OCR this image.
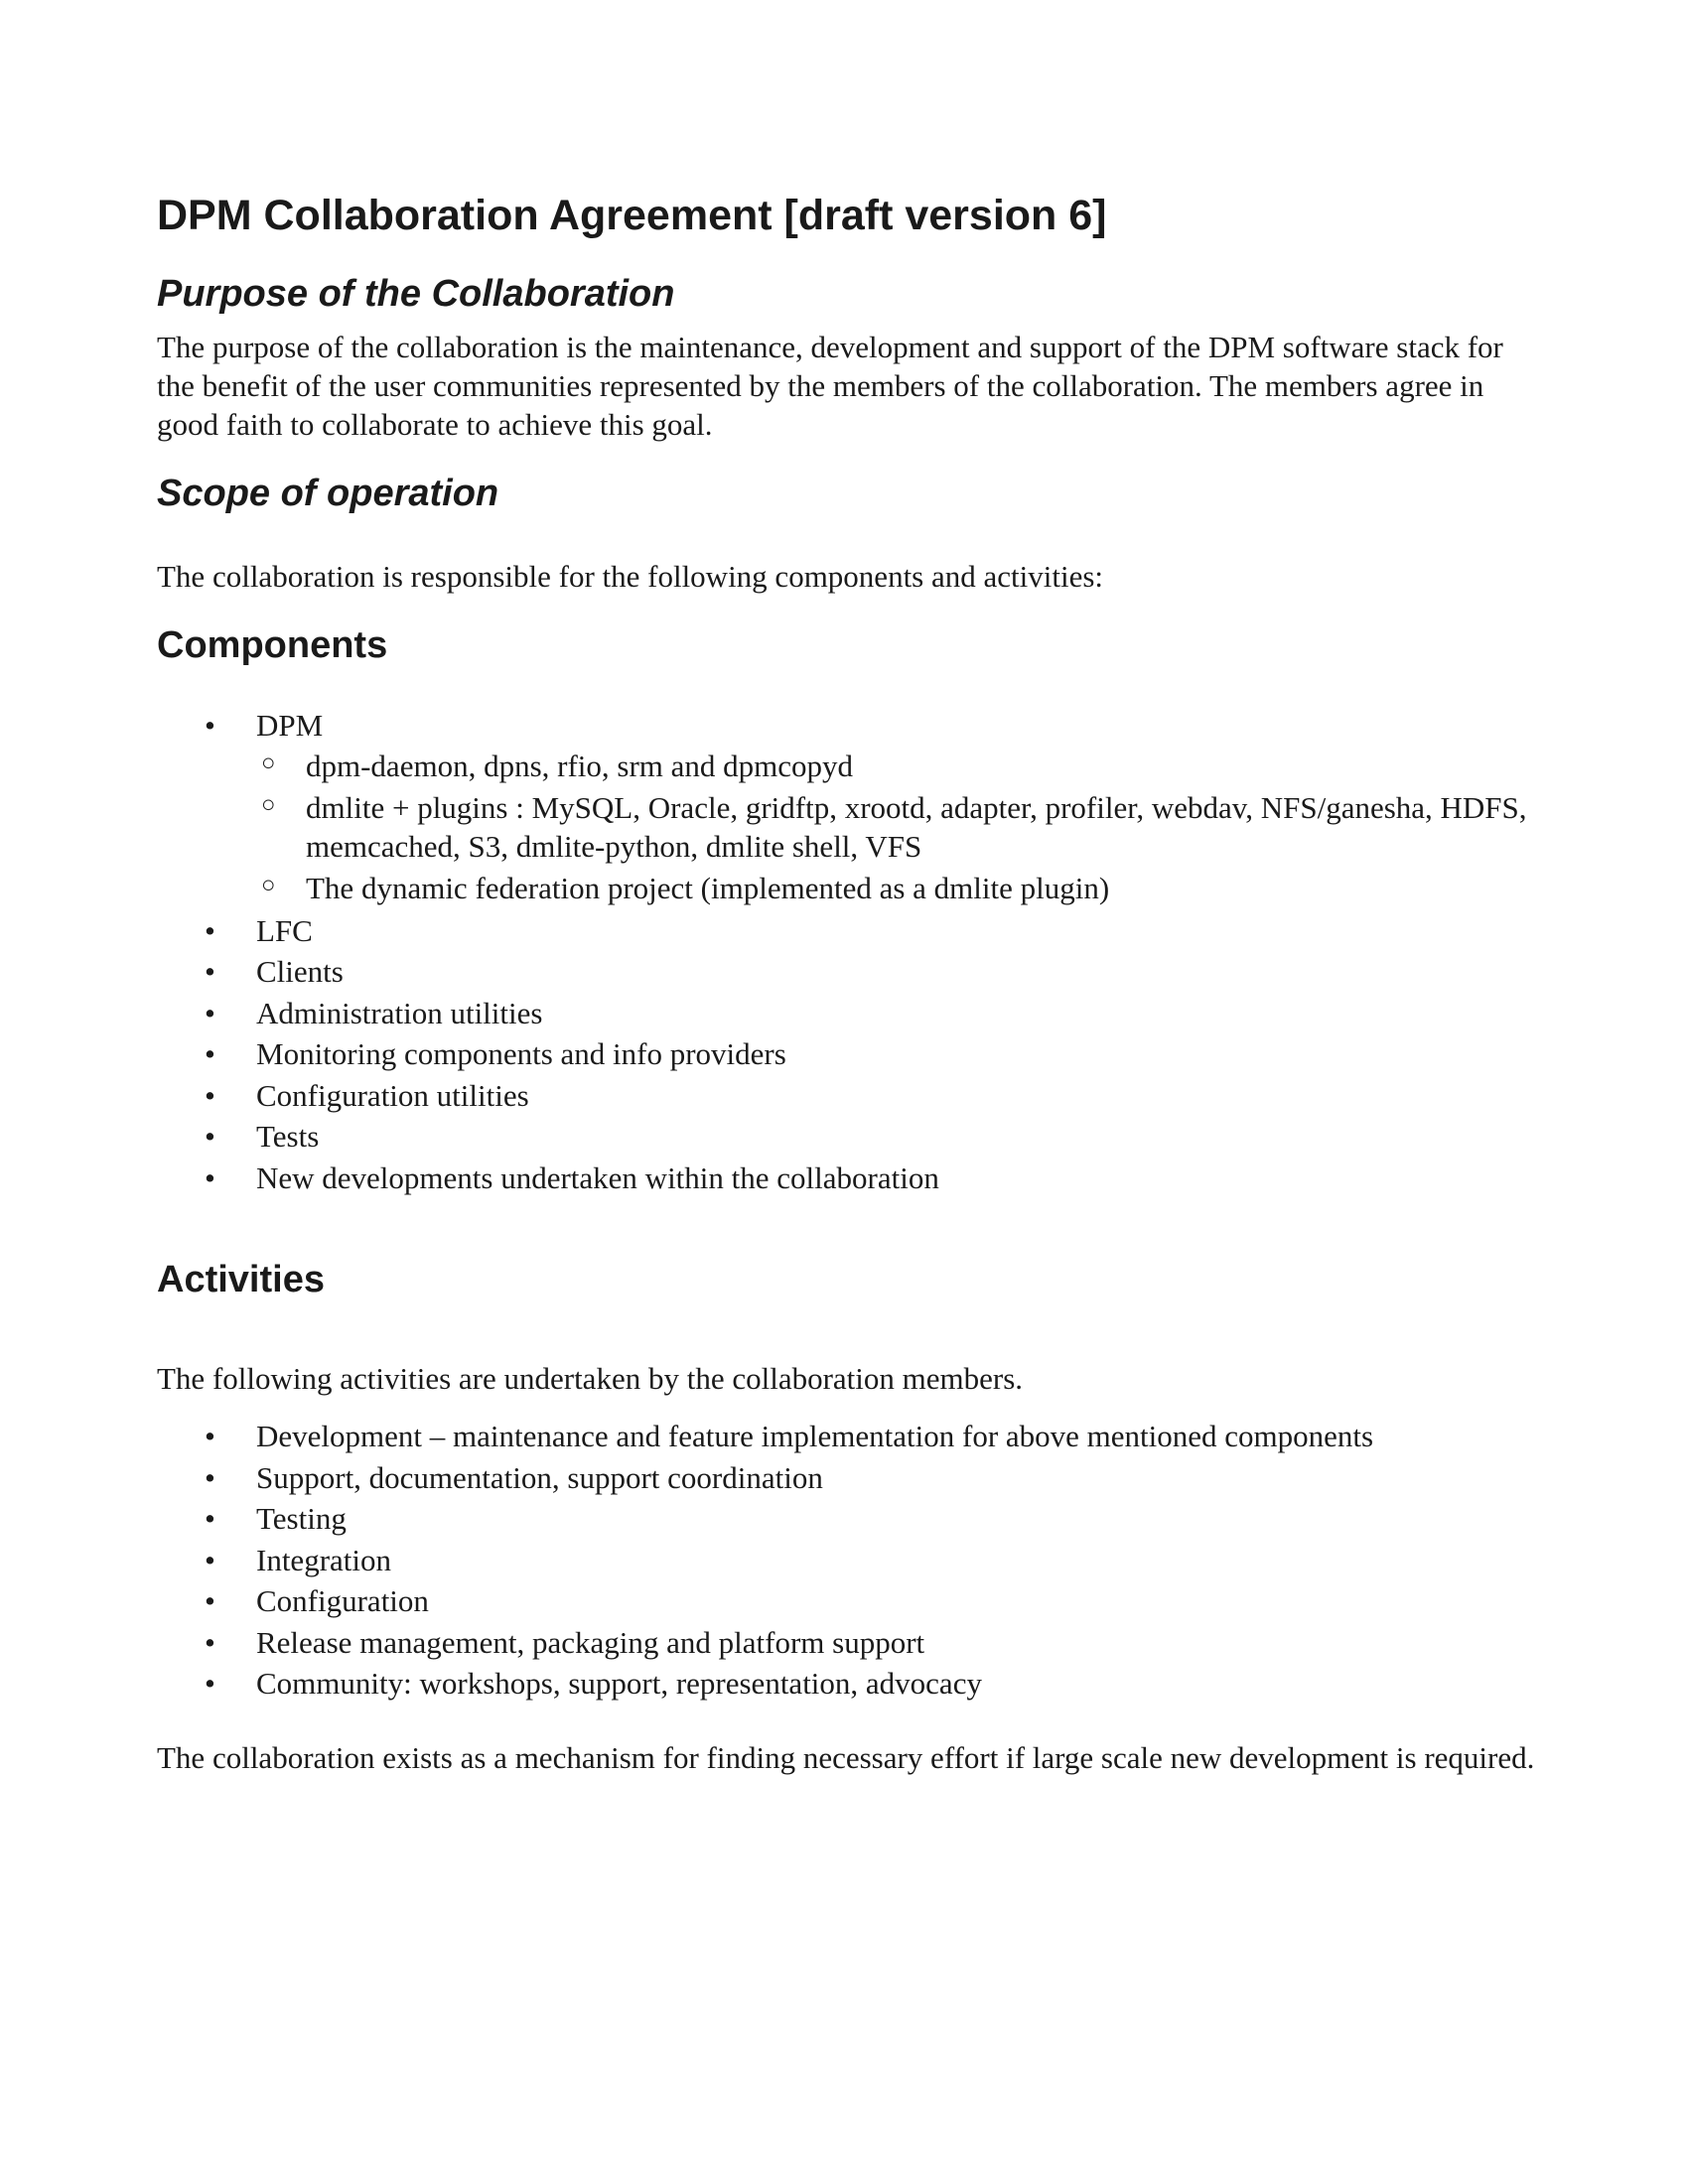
DPM Collaboration Agreement [draft version 6]
Purpose of the Collaboration

The purpose of the collaboration is the maintenance, development and support of the DPM software stack for the benefit of the user communities represented by the members of the collaboration. The members agree in good faith to collaborate to achieve this goal.

Scope of operation

The collaboration is responsible for the following components and activities:

Components
• DPM
○ dpm-daemon, dpns, rfio, srm and dpmcopyd
○ dmlite + plugins : MySQL, Oracle, gridftp, xrootd, adapter, profiler, webdav, NFS/ganesha, HDFS, memcached, S3, dmlite-python, dmlite shell, VFS
○ The dynamic federation project (implemented as a dmlite plugin)
• LFC
• Clients
• Administration utilities
• Monitoring components and info providers
• Configuration utilities
• Tests
• New developments undertaken within the collaboration
Activities

The following activities are undertaken by the collaboration members.

• Development – maintenance and feature implementation for above mentioned components
• Support, documentation, support coordination
• Testing
• Integration
• Configuration
• Release management, packaging and platform support
• Community: workshops, support, representation, advocacy

The collaboration exists as a mechanism for finding necessary effort if large scale new development is required.
